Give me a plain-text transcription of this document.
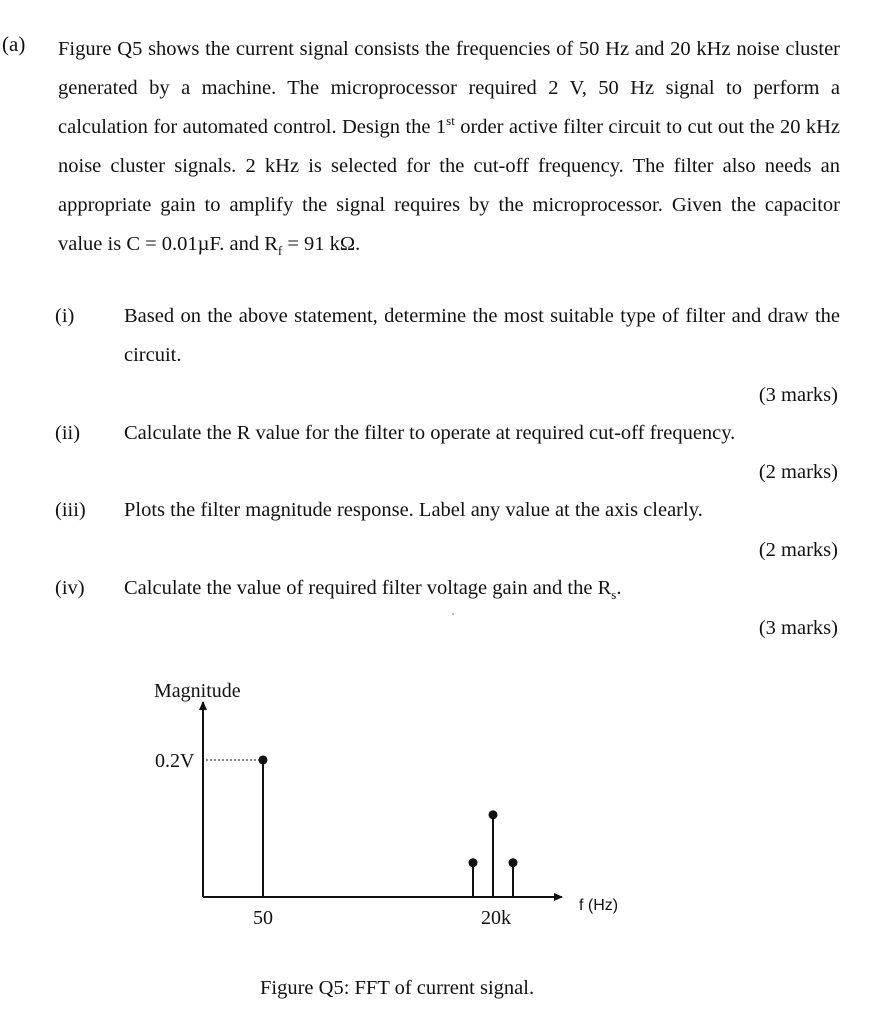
(a) Figure Q5 shows the current signal consists the frequencies of 50 Hz and 20 kHz noise cluster generated by a machine. The microprocessor required 2 V, 50 Hz signal to perform a calculation for automated control. Design the 1st order active filter circuit to cut out the 20 kHz noise cluster signals. 2 kHz is selected for the cut-off frequency. The filter also needs an appropriate gain to amplify the signal requires by the microprocessor. Given the capacitor value is C = 0.01µF. and $R_f = 91$ kΩ.
(i) Based on the above statement, determine the most suitable type of filter and draw the circuit.
(3 marks)
(ii) Calculate the R value for the filter to operate at required cut-off frequency.
(2 marks)
(iii) Plots the filter magnitude response. Label any value at the axis clearly.
(2 marks)
(iv) Calculate the value of required filter voltage gain and the $R_s$.
(3 marks)
Magnitude
0.2V
50	20k
f (Hz)
Figure Q5: FFT of current signal.
